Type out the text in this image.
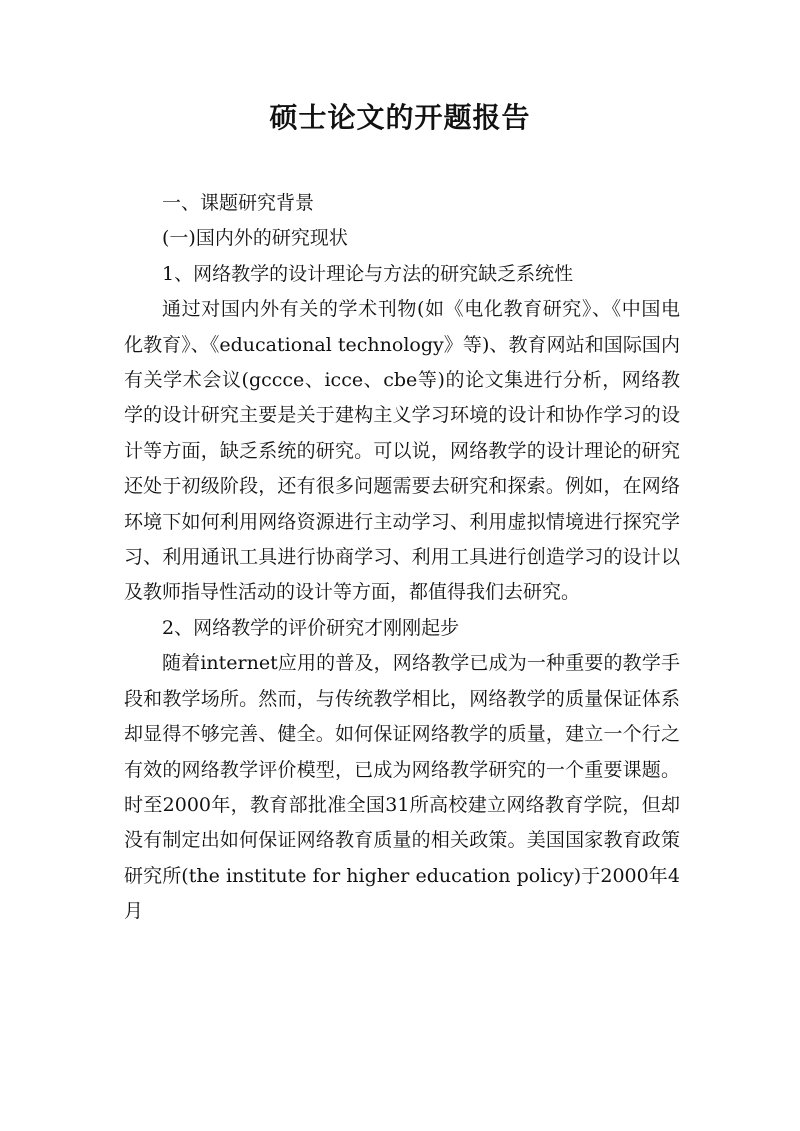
硕士论文的开题报告

一、课题研究背景

(一)国内外的研究现状

1、网络教学的设计理论与方法的研究缺乏系统性

通过对国内外有关的学术刊物(如《电化教育研究》、《中国电化教育》、《educational technology》等)、教育网站和国际国内有关学术会议(gccce、icce、cbe等)的论文集进行分析，网络教学的设计研究主要是关于建构主义学习环境的设计和协作学习的设计等方面，缺乏系统的研究。可以说，网络教学的设计理论的研究还处于初级阶段，还有很多问题需要去研究和探索。例如，在网络环境下如何利用网络资源进行主动学习、利用虚拟情境进行探究学习、利用通讯工具进行协商学习、利用工具进行创造学习的设计以及教师指导性活动的设计等方面，都值得我们去研究。

2、网络教学的评价研究才刚刚起步

随着internet应用的普及，网络教学已成为一种重要的教学手段和教学场所。然而，与传统教学相比，网络教学的质量保证体系却显得不够完善、健全。如何保证网络教学的质量，建立一个行之有效的网络教学评价模型，已成为网络教学研究的一个重要课题。时至2000年，教育部批准全国31所高校建立网络教育学院，但却没有制定出如何保证网络教育质量的相关政策。美国国家教育政策研究所(the institute for higher education policy)于2000年4月
